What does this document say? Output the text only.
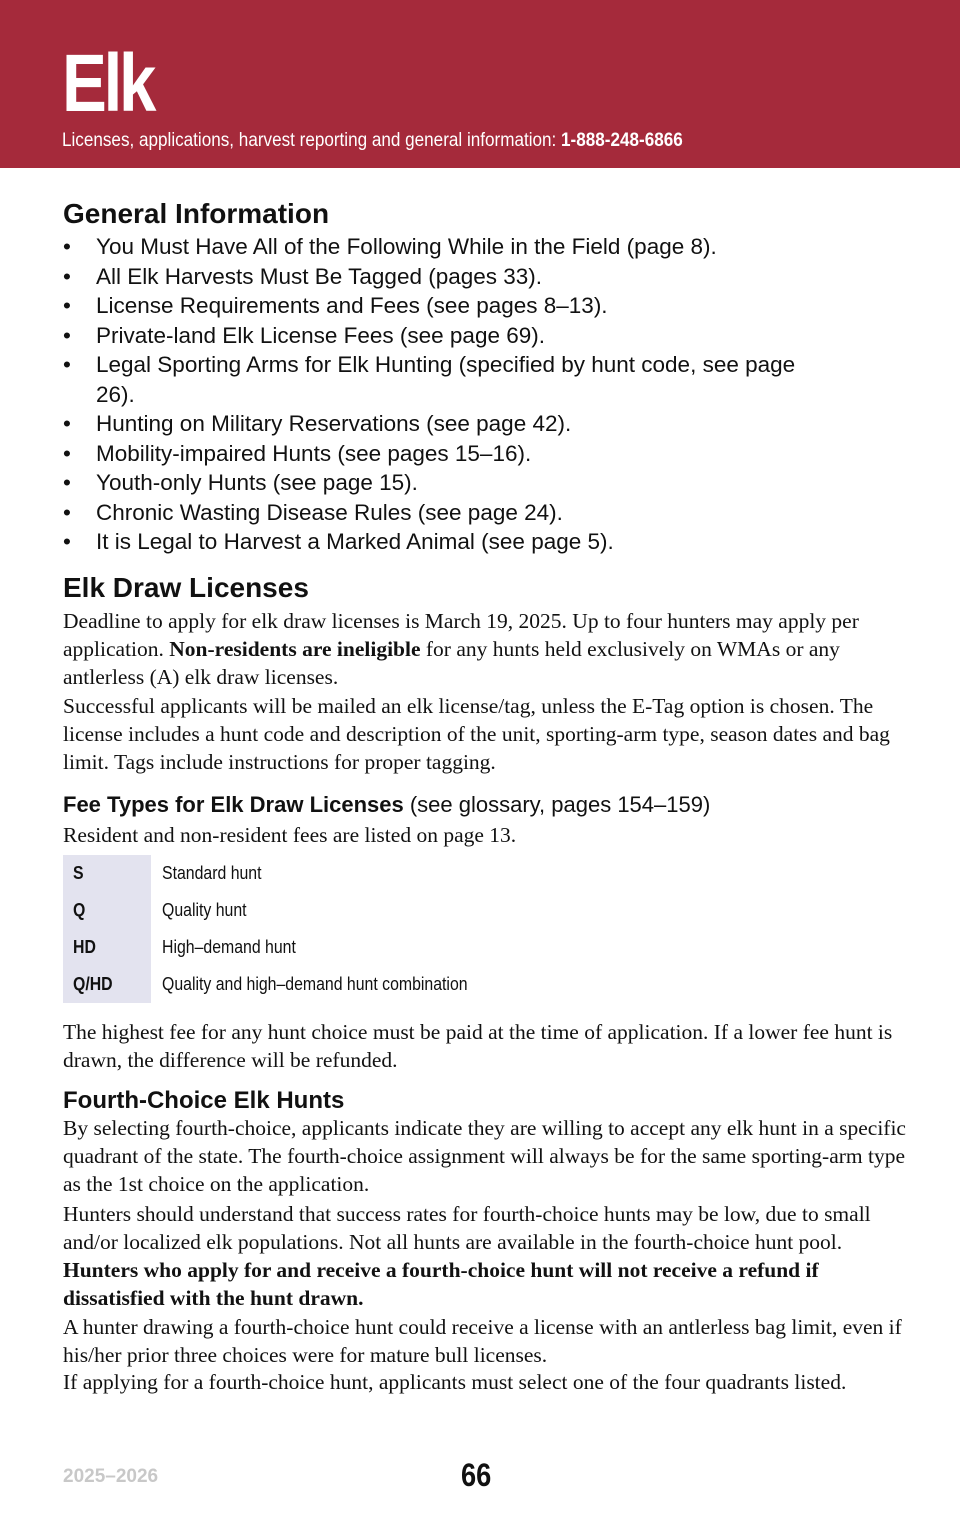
Elk
Licenses, applications, harvest reporting and general information: 1-888-248-6866
General Information
• You Must Have All of the Following While in the Field (page 8).
• All Elk Harvests Must Be Tagged (pages 33).
• License Requirements and Fees (see pages 8–13).
• Private-land Elk License Fees (see page 69).
• Legal Sporting Arms for Elk Hunting (specified by hunt code, see page 26).
• Hunting on Military Reservations (see page 42).
• Mobility-impaired Hunts (see pages 15–16).
• Youth-only Hunts (see page 15).
• Chronic Wasting Disease Rules (see page 24).
• It is Legal to Harvest a Marked Animal (see page 5).
Elk Draw Licenses

Deadline to apply for elk draw licenses is March 19, 2025. Up to four hunters may apply per application. Non-residents are ineligible for any hunts held exclusively on WMAs or any antlerless (A) elk draw licenses.

Successful applicants will be mailed an elk license/tag, unless the E-Tag option is chosen. The license includes a hunt code and description of the unit, sporting-arm type, season dates and bag limit. Tags include instructions for proper tagging.

Fee Types for Elk Draw Licenses (see glossary, pages 154–159)

Resident and non-resident fees are listed on page 13.

S	Standard hunt
Q	Quality hunt
HD	High–demand hunt
Q/HD	Quality and high–demand hunt combination

The highest fee for any hunt choice must be paid at the time of application. If a lower fee hunt is drawn, the difference will be refunded.

Fourth-Choice Elk Hunts

By selecting fourth-choice, applicants indicate they are willing to accept any elk hunt in a specific quadrant of the state. The fourth-choice assignment will always be for the same sporting-arm type as the 1st choice on the application.

Hunters should understand that success rates for fourth-choice hunts may be low, due to small and/or localized elk populations. Not all hunts are available in the fourth-choice hunt pool. Hunters who apply for and receive a fourth-choice hunt will not receive a refund if dissatisfied with the hunt drawn.

A hunter drawing a fourth-choice hunt could receive a license with an antlerless bag limit, even if his/her prior three choices were for mature bull licenses.

If applying for a fourth-choice hunt, applicants must select one of the four quadrants listed.

2025–2026	66
